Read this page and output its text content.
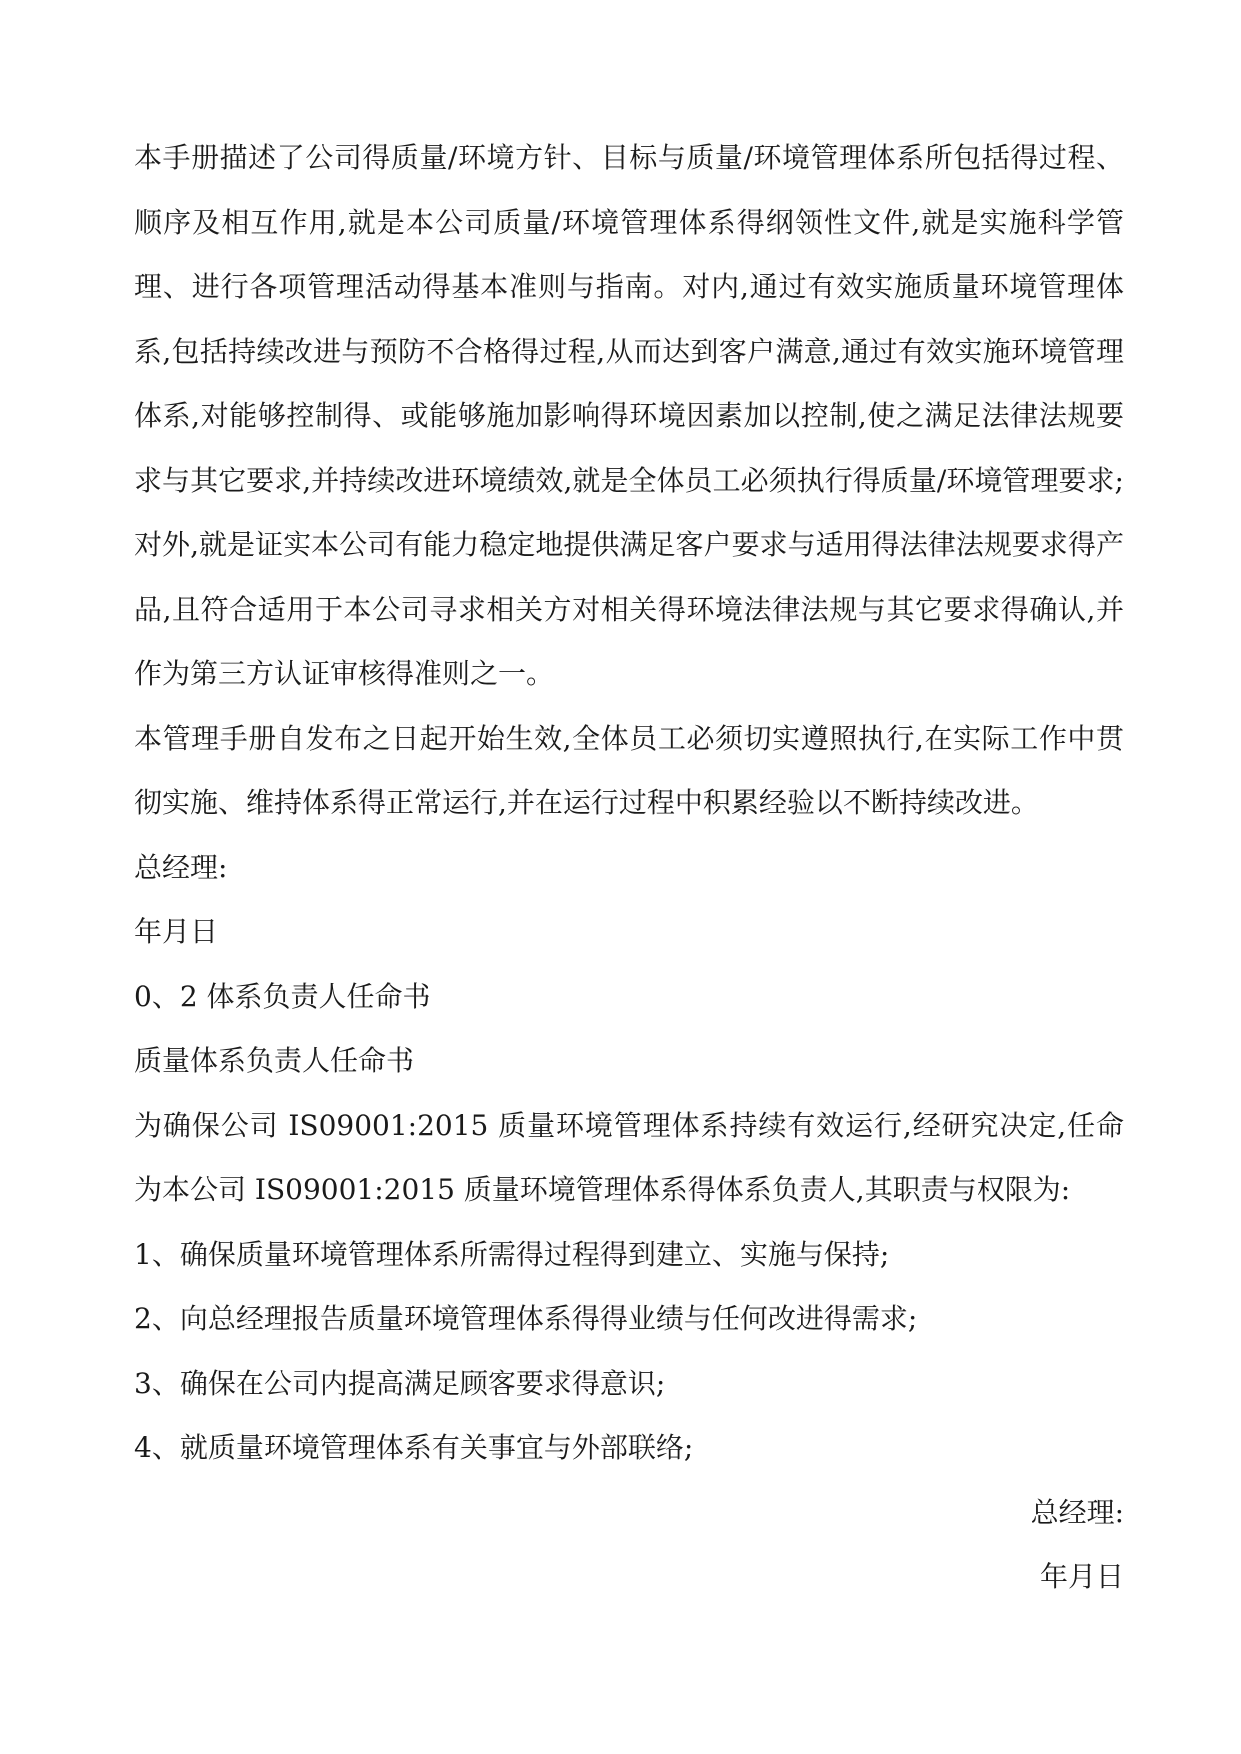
本手册描述了公司得质量/环境方针、目标与质量/环境管理体系所包括得过程、顺序及相互作用,就是本公司质量/环境管理体系得纲领性文件,就是实施科学管理、进行各项管理活动得基本准则与指南。对内,通过有效实施质量环境管理体系,包括持续改进与预防不合格得过程,从而达到客户满意,通过有效实施环境管理体系,对能够控制得、或能够施加影响得环境因素加以控制,使之满足法律法规要求与其它要求,并持续改进环境绩效,就是全体员工必须执行得质量/环境管理要求;对外,就是证实本公司有能力稳定地提供满足客户要求与适用得法律法规要求得产品,且符合适用于本公司寻求相关方对相关得环境法律法规与其它要求得确认,并作为第三方认证审核得准则之一。

本管理手册自发布之日起开始生效,全体员工必须切实遵照执行,在实际工作中贯彻实施、维持体系得正常运行,并在运行过程中积累经验以不断持续改进。

总经理:

年月日

0、2 体系负责人任命书

质量体系负责人任命书

为确保公司 IS09001:2015 质量环境管理体系持续有效运行,经研究决定,任命为本公司 IS09001:2015 质量环境管理体系得体系负责人,其职责与权限为:

1、确保质量环境管理体系所需得过程得到建立、实施与保持;

2、向总经理报告质量环境管理体系得得业绩与任何改进得需求;

3、确保在公司内提高满足顾客要求得意识;

4、就质量环境管理体系有关事宜与外部联络;

总经理:

年月日
